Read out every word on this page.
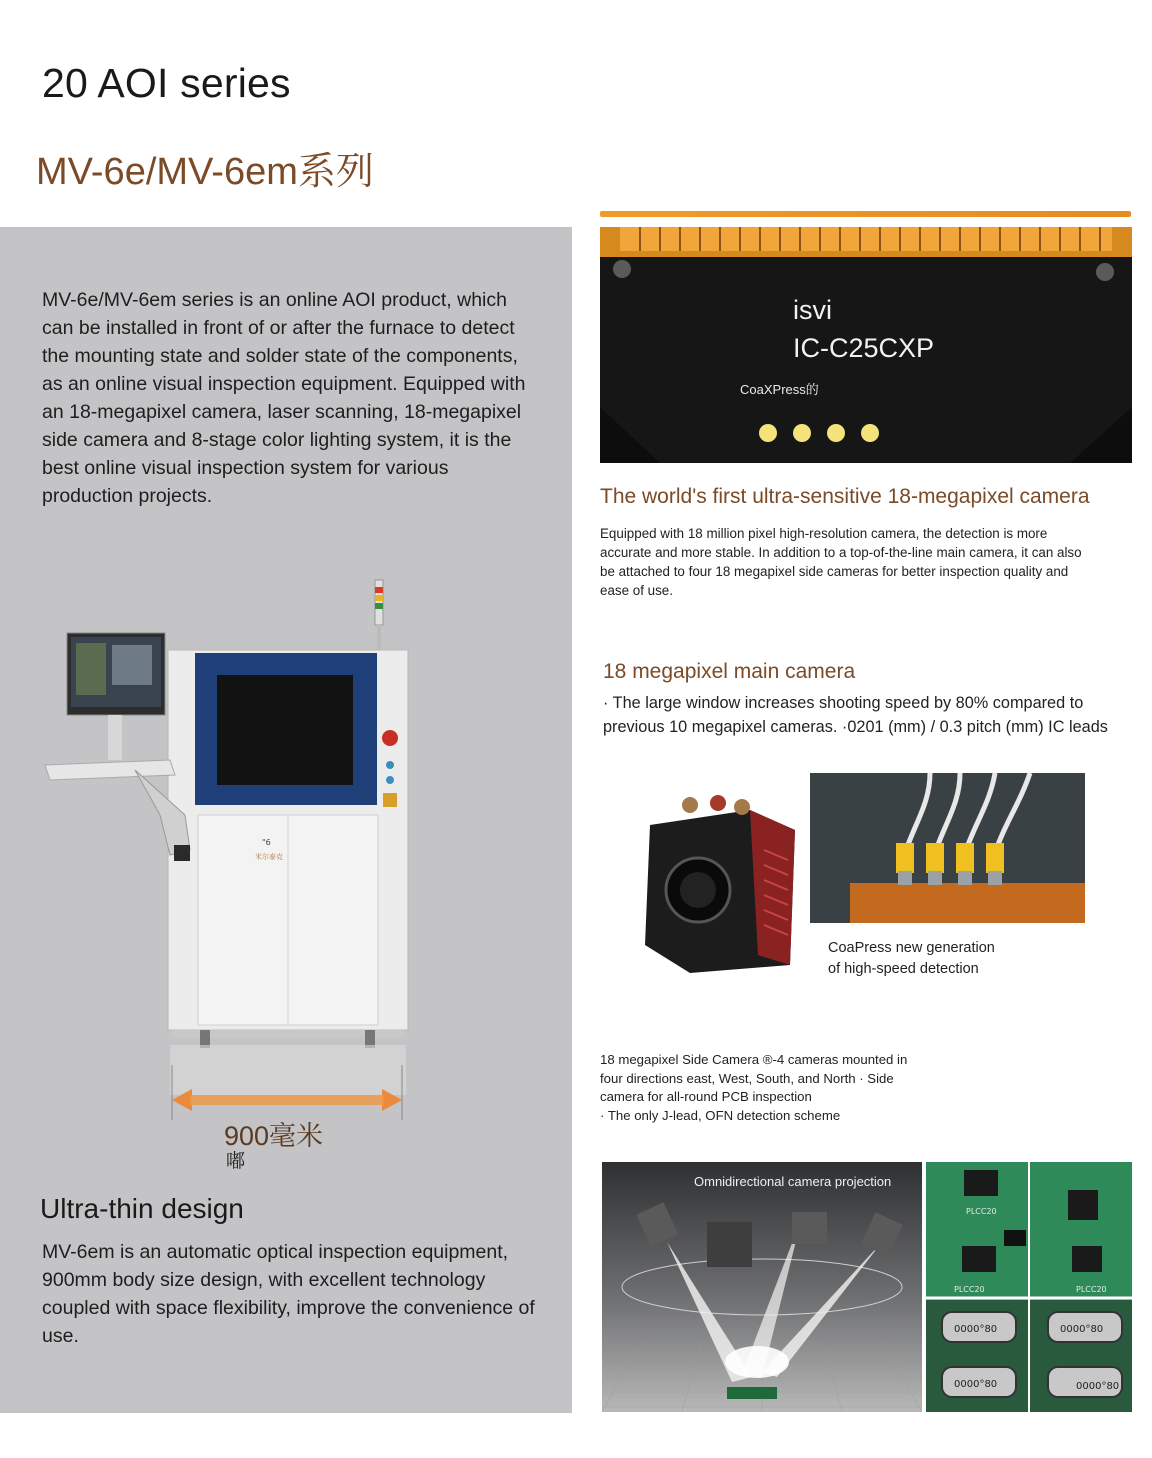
20 AOI series
MV-6e/MV-6em系列
MV-6e/MV-6em series is an online AOI product, which can be installed in front of or after the furnace to detect the mounting state and solder state of the components, as an online visual inspection equipment. Equipped with an 18-megapixel camera, laser scanning, 18-megapixel side camera and 8-stage color lighting system, it is the best online visual inspection system for various production projects.
"6
米尔泰克
900毫米
嘟
Ultra-thin design
MV-6em is an automatic optical inspection equipment, 900mm body size design, with excellent technology coupled with space flexibility, improve the convenience of use.
isvi
IC-C25CXP
CoaXPress的
The world's first ultra-sensitive 18-megapixel camera
Equipped with 18 million pixel high-resolution camera, the detection is more accurate and more stable. In addition to a top-of-the-line main camera, it can also be attached to four 18 megapixel side cameras for better inspection quality and ease of use.
18 megapixel main camera
· The large window increases shooting speed by 80% compared to previous 10 megapixel cameras. ·0201 (mm) / 0.3 pitch (mm) IC leads
CoaPress new generation
of high-speed detection
18 megapixel Side Camera ®-4 cameras mounted in four directions east, West, South, and North · Side camera for all-round PCB inspection
· The only J-lead, OFN detection scheme
Omnidirectional camera projection
PLCC20
PLCC20	PLCC20
0000°80	0000°80
0000°80	0000°80
